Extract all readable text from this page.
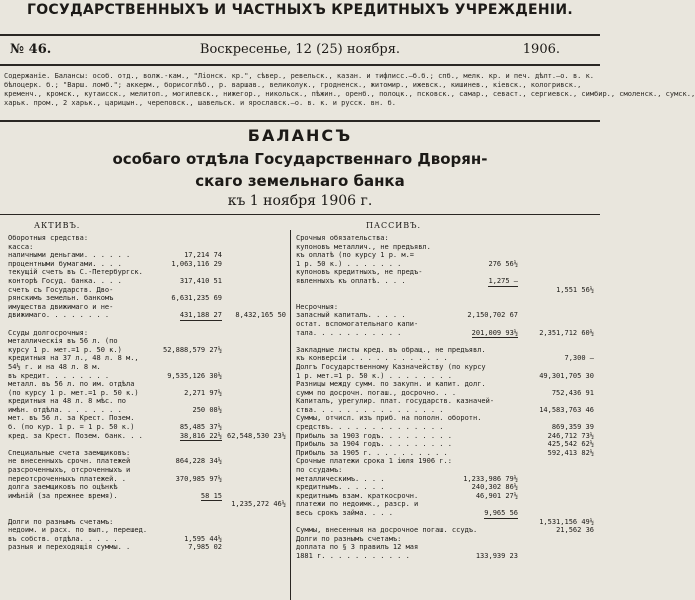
ГОСУДАРСТВЕННЫХЪ И ЧАСТНЫХЪ КРЕДИТНЫХЪ УЧРЕЖДЕНІИ.
№ 46.	Воскресенье, 12 (25) ноября.	1906.
Содержаніе. Балансы: особ. отд., волж.-кам., "Ліонск. кр.", сѣвер., ревельск., казан. и тифлисс.—б.б.; спб., мелк. кр. и печ. дѣлт.—о. в. к.
бѣлоцерк. б.; "Варш. ломб."; аккерм., борисоглѣб., р. варшав., великолук., гродненск., житомир., ижевск., кишинев., кіевск., кологривск.,
кременч., кромск., кутаисск., мелитоп., могилевск., нижегор., никольск., пѣжин., оренб., полоцк., псковск., самар., севаст., сергиевск., симбир., смоленск., сумск.,
харьк. пром., 2 харьк., царицын., череповск., шавельск. и ярославск.—о. в. к. и русск. вн. б.
БАЛАНСЪ
особаго отдѣла Государственнаго Дворян-
скаго земельнаго банка
къ 1 ноября 1906 г.
АКТИВЪ.
Оборотныя средства:
касса:
наличными деньгами. . . . . .	17,214 74
процентными бумагами. . . .	1,063,116 29
текущій счетъ въ С.-Петербургск.
конторѣ Госуд. банка. . . .	317,410 51
счетъ съ Государств. Дво-
рянскимъ земельн. банкомъ	6,631,235 69
имущества движимаго и не-
движимаго. . . . . . . .	431,188 27 8,432,165 50
Ссуды долгосрочныя:
металлическія въ 56 л. (по
курсу 1 р. мет.=1 р. 50 к.)	52,888,579 27½
кредитныя на 37 л., 48 л. 8 м.,
54½ г. и на 48 л. 8 м.
въ кредит. . . . . . . .	9,535,126 30½
металл. въ 56 л. по им. отдѣла
(по курсу 1 р. мет.=1 р. 50 к.)	2,271 97½
кредитныя на 48 л. 8 мѣс. по
имѣн. отдѣла. . . . . . . .	250 08½
мет. въ 56 л. за Крест. Позем.
б. (по кур. 1 р. = 1 р. 50 к.)	85,485 37½
кред. за Крест. Позем. банк. . .	38,816 22½ 62,548,530 23½
Специальные счета заемщиковъ:
не внесенныхъ срочн. платежей	864,228 34½
разсроченныхъ, отсроченныхъ и
переотсроченныхъ платежей. .	370,985 97½
долга заемщиковъ по оцѣнкѣ
имѣній (за прежнее время).	58 15
1,235,272 46½
Долги по разнымъ счетамъ:
недоим. и расх. по вып., перешед.
въ собств. отдѣла. . . . .	1,595 44½
разныя и переходящія суммы. .	7,985 02
ПАССИВЪ.
Срочныя обязательства:
купоновъ металлич., не предъявл.
къ оплатѣ (по курсу 1 р. м.=
1 р. 50 к.) . . . . . . .	276 56½
купоновъ кредитныхъ, не предъ-
явленныхъ къ оплатѣ. . . .	1,275 —
1,551 56½
Несрочныя:
запасный капиталъ. . . . .	2,150,702 67
остат. вспомогательнаго капи-
тала. . . . . . . . . . .	201,009 93½	2,351,712 60½
Закладные листы кред. въ обращ., не предъявл.
къ конверсіи . . . . . . . . . . . .	7,300 —
Долгъ Государственному Казначейству (по курсу
1 р. мет.=1 р. 50 к.) . . . . . . . .	49,301,705 30
Разницы между сумм. по закупн. и капит. долг.
сумм по досрочн. погаш., досрочно. . .	752,436 91
Капиталъ, урегулир. плат. государств. казначей-
ства. . . . . . . . . . . . . . . .	14,583,763 46
Суммы, отчисл. изъ приб. на пополн. оборотн.
средствъ. . . . . . . . . . . . . .	869,359 39
Прибыль за 1903 годъ. . . . . . . . .	246,712 73½
Прибыль за 1904 годъ. . . . . . . . .	425,542 62½
Прибыль за 1905 г. . . . . . . . . .	592,413 82½
Срочные платежи срока 1 іюля 1906 г.:
по ссудамъ:
металлическимъ. . . .	1,233,986 79½
кредитнымъ. . . . . .	240,302 86½
кредитнымъ взам. краткосрочн.	46,901 27½
платежи по недоимк., разср. и
весь срокъ займа. . . .	9,965 56
1,531,156 49½
Суммы, внесенныя на досрочное погаш. ссудъ.	21,562 36
Долги по разнымъ счетамъ:
доплата по § 3 правилъ 12 мая
1881 г. . . . . . . . . . .	133,939 23
